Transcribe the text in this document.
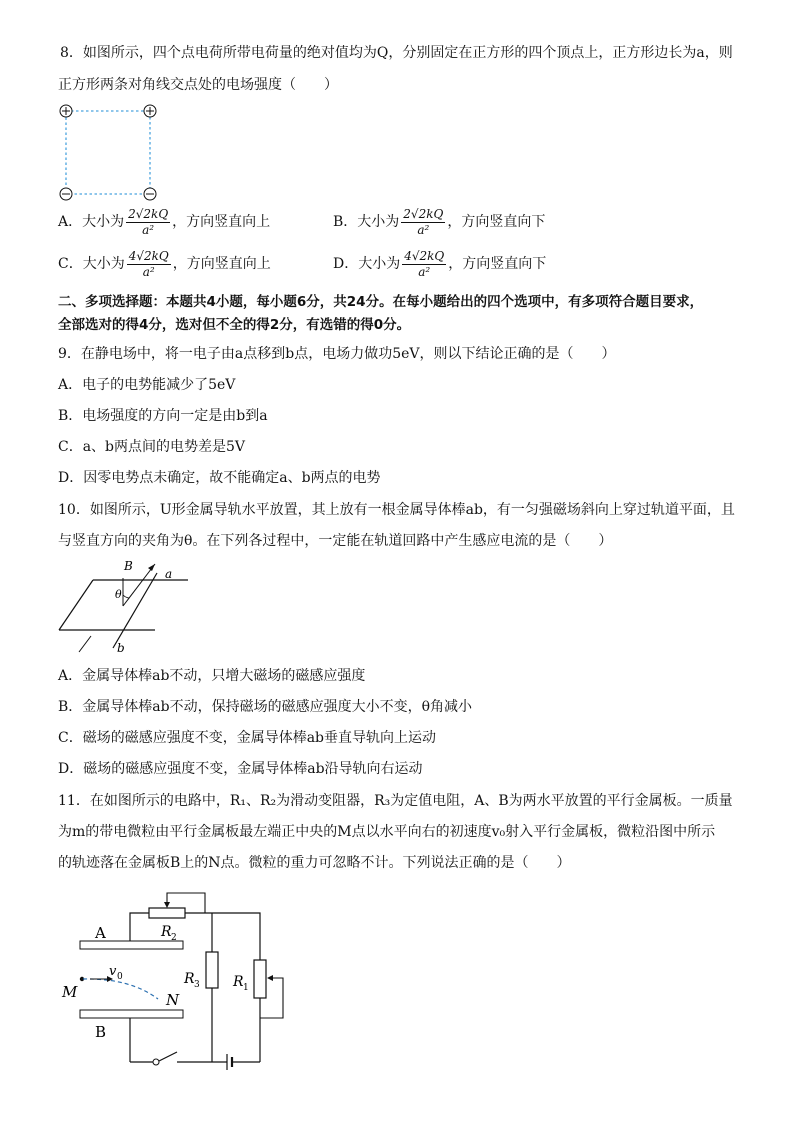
8．如图所示，四个点电荷所带电荷量的绝对值均为Q，分别固定在正方形的四个顶点上，正方形边长为a，则
正方形两条对角线交点处的电场强度（　　）
A．大小为 $\frac{2√2kQ}{\text{a²}}$ ，方向竖直向上	B．大小为 $\frac{2√2kQ}{\text{a²}}$ ，方向竖直向下
C．大小为 $\frac{4√2kQ}{\text{a²}}$ ，方向竖直向上	D．大小为 $\frac{4√2kQ}{\text{a²}}$ ，方向竖直向下
二、多项选择题：本题共4小题，每小题6分，共24分。在每小题给出的四个选项中，有多项符合题目要求，
全部选对的得4分，选对但不全的得2分，有选错的得0分。
9．在静电场中，将一电子由a点移到b点，电场力做功5eV，则以下结论正确的是（　　）
A．电子的电势能减少了5eV
B．电场强度的方向一定是由b到a
C．a、b两点间的电势差是5V
D．因零电势点未确定，故不能确定a、b两点的电势
10．如图所示，U形金属导轨水平放置，其上放有一根金属导体棒ab，有一匀强磁场斜向上穿过轨道平面，且
与竖直方向的夹角为θ。在下列各过程中，一定能在轨道回路中产生感应电流的是（　　）
B
a
θ
b
A．金属导体棒ab不动，只增大磁场的磁感应强度
B．金属导体棒ab不动，保持磁场的磁感应强度大小不变，θ角减小
C．磁场的磁感应强度不变，金属导体棒ab垂直导轨向上运动
D．磁场的磁感应强度不变，金属导体棒ab沿导轨向右运动
11．在如图所示的电路中，R₁、R₂为滑动变阻器，R₃为定值电阻，A、B为两水平放置的平行金属板。一质量
为m的带电微粒由平行金属板最左端正中央的M点以水平向右的初速度v₀射入平行金属板，微粒沿图中所示
的轨迹落在金属板B上的N点。微粒的重力可忽略不计。下列说法正确的是（　　）
A
B
R 2
R 3 R 1
M	N
v 0
